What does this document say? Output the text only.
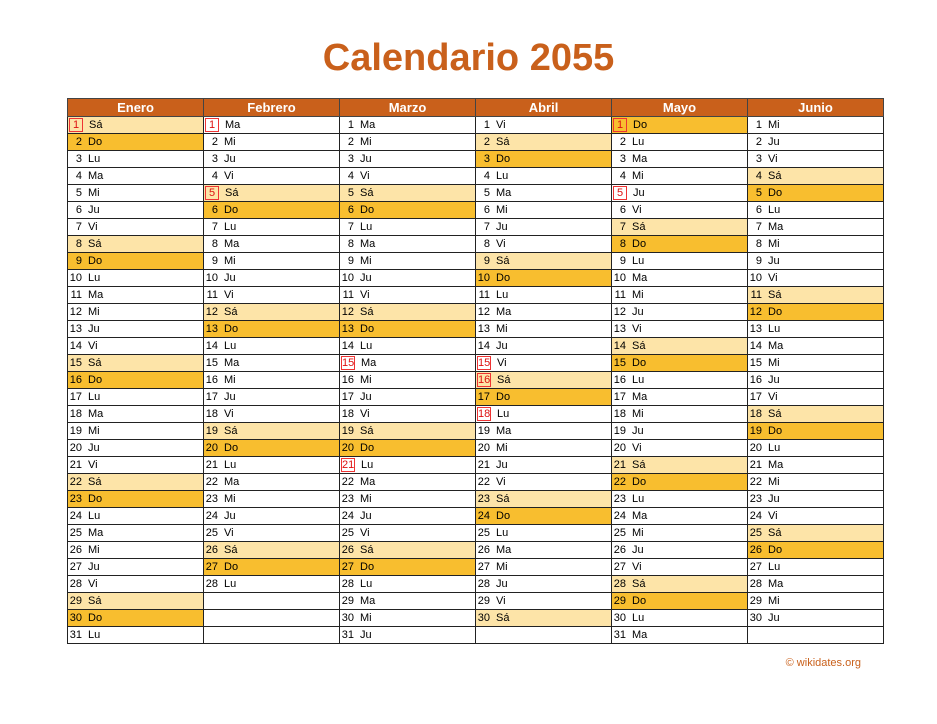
Calendario 2055
Enero	Febrero	Marzo	Abril	Mayo	Junio

1 Sá	1 Ma	1 Ma	1 Vi	1 Do	1 Mi

2 Do	2 Mi	2 Mi	2 Sá	2 Lu	2 Ju

3 Lu	3 Ju	3 Ju	3 Do	3 Ma	3 Vi

4 Ma	4 Vi	4 Vi	4 Lu	4 Mi	4 Sá

5 Mi	5 Sá	5 Sá	5 Ma	5 Ju	5 Do

6 Ju	6 Do	6 Do	6 Mi	6 Vi	6 Lu

7 Vi	7 Lu	7 Lu	7 Ju	7 Sá	7 Ma

8 Sá	8 Ma	8 Ma	8 Vi	8 Do	8 Mi

9 Do	9 Mi	9 Mi	9 Sá	9 Lu	9 Ju

10 Lu	10 Ju	10 Ju	10 Do	10 Ma	10 Vi

11 Ma	11 Vi	11 Vi	11 Lu	11 Mi	11 Sá

12 Mi	12 Sá	12 Sá	12 Ma	12 Ju	12 Do

13 Ju	13 Do	13 Do	13 Mi	13 Vi	13 Lu

14 Vi	14 Lu	14 Lu	14 Ju	14 Sá	14 Ma

15 Sá	15 Ma	15 Ma	15 Vi	15 Do	15 Mi

16 Do	16 Mi	16 Mi	16 Sá	16 Lu	16 Ju

17 Lu	17 Ju	17 Ju	17 Do	17 Ma	17 Vi

18 Ma	18 Vi	18 Vi	18 Lu	18 Mi	18 Sá

19 Mi	19 Sá	19 Sá	19 Ma	19 Ju	19 Do

20 Ju	20 Do	20 Do	20 Mi	20 Vi	20 Lu

21 Vi	21 Lu	21 Lu	21 Ju	21 Sá	21 Ma

22 Sá	22 Ma	22 Ma	22 Vi	22 Do	22 Mi

23 Do	23 Mi	23 Mi	23 Sá	23 Lu	23 Ju

24 Lu	24 Ju	24 Ju	24 Do	24 Ma	24 Vi

25 Ma	25 Vi	25 Vi	25 Lu	25 Mi	25 Sá

26 Mi	26 Sá	26 Sá	26 Ma	26 Ju	26 Do

27 Ju	27 Do	27 Do	27 Mi	27 Vi	27 Lu

28 Vi	28 Lu	28 Lu	28 Ju	28 Sá	28 Ma

29 Sá		29 Ma	29 Vi	29 Do	29 Mi

30 Do		30 Mi	30 Sá	30 Lu	30 Ju

31 Lu		31 Ju		31 Ma	

© wikidates.org
